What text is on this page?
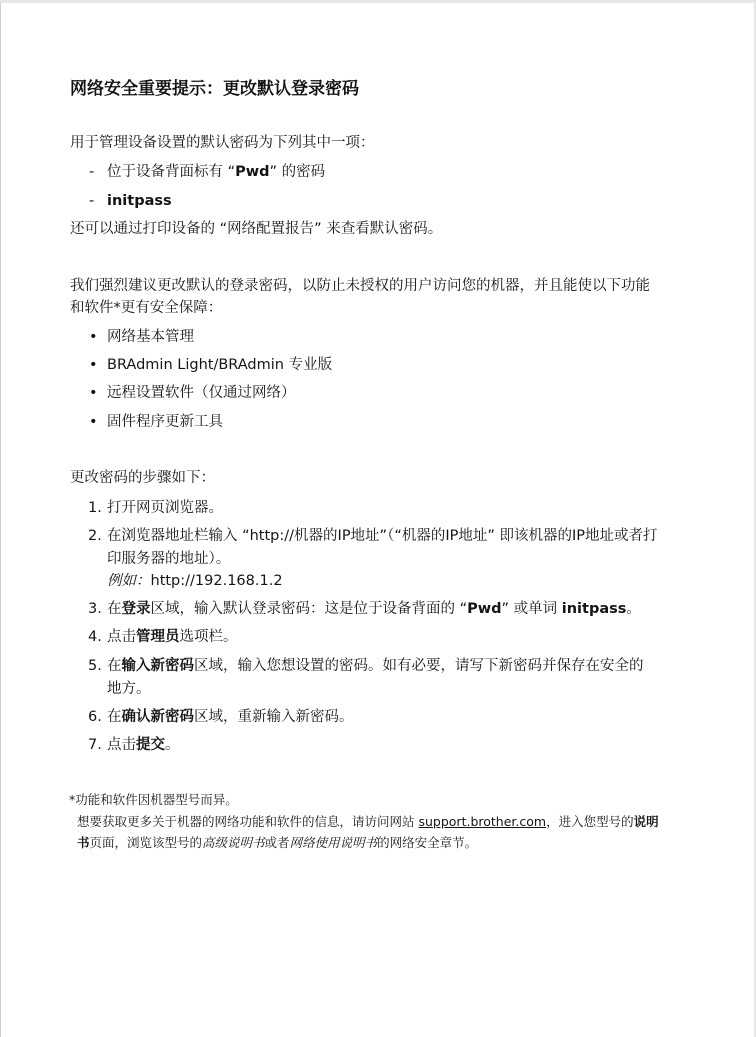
网络安全重要提示：更改默认登录密码
用于管理设备设置的默认密码为下列其中一项：
- 位于设备背面标有 “Pwd” 的密码
- initpass
还可以通过打印设备的 “网络配置报告” 来查看默认密码。
我们强烈建议更改默认的登录密码，以防止未授权的用户访问您的机器，并且能使以下功能
和软件*更有安全保障：
• 网络基本管理
• BRAdmin Light/BRAdmin 专业版
• 远程设置软件（仅通过网络）
• 固件程序更新工具
更改密码的步骤如下：
1. 打开网页浏览器。
2. 在浏览器地址栏输入 “http://机器的IP地址”（“机器的IP地址” 即该机器的IP地址或者打
印服务器的地址）。
例如：http://192.168.1.2
3. 在登录区域，输入默认登录密码：这是位于设备背面的 “Pwd” 或单词 initpass。
4. 点击管理员选项栏。
5. 在输入新密码区域，输入您想设置的密码。如有必要，请写下新密码并保存在安全的
地方。
6. 在确认新密码区域，重新输入新密码。
7. 点击提交。
*功能和软件因机器型号而异。
想要获取更多关于机器的网络功能和软件的信息，请访问网站 support.brother.com，进入您型号的说明
书页面，浏览该型号的高级说明书或者网络使用说明书的网络安全章节。
